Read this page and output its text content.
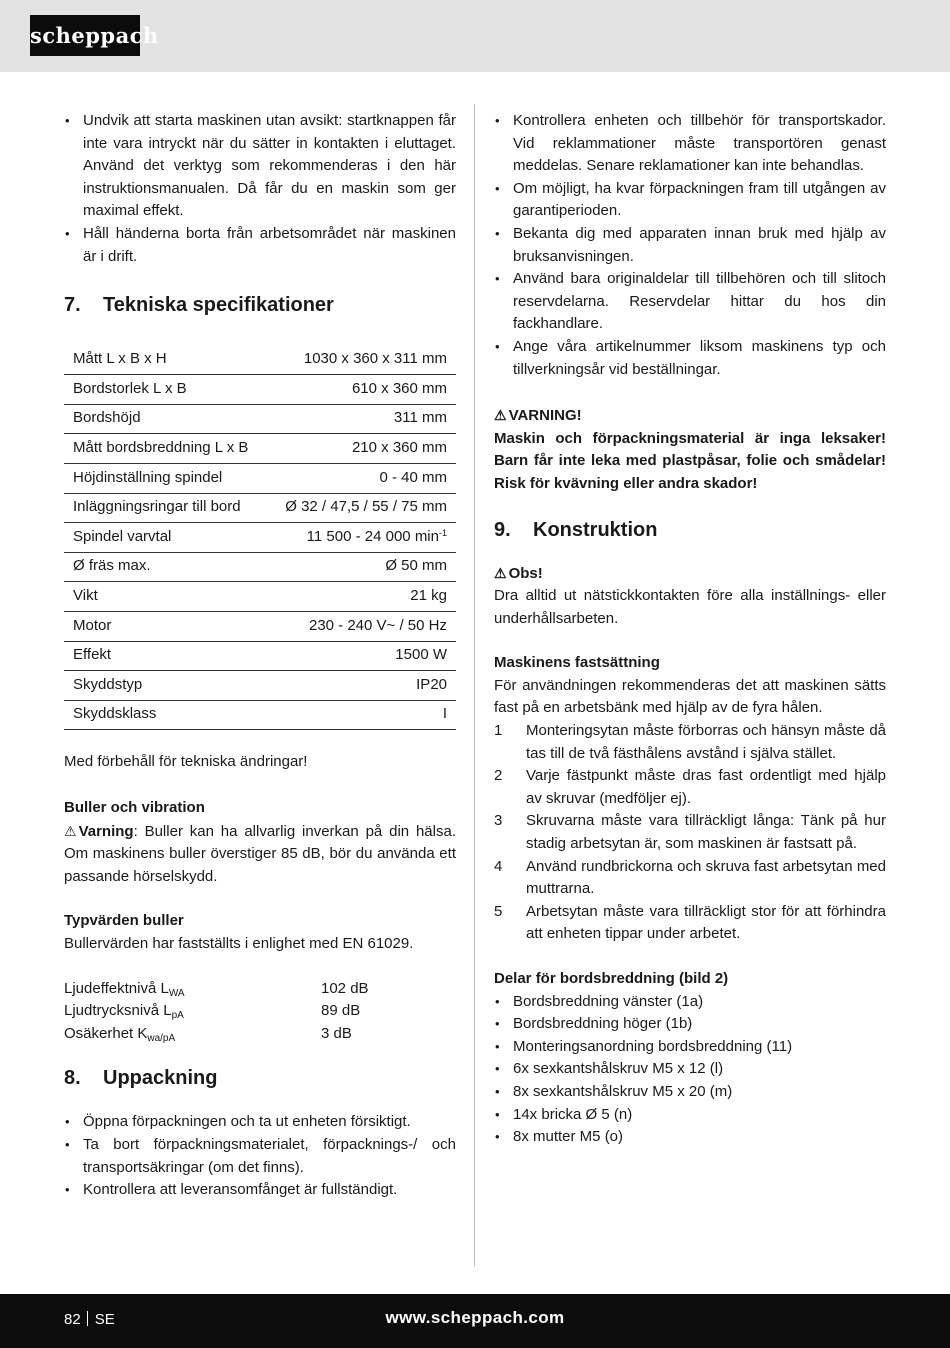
scheppach
• Undvik att starta maskinen utan avsikt: startknappen får inte vara intryckt när du sätter in kontakten i eluttaget. Använd det verktyg som rekommenderas i den här instruktionsmanualen. Då får du en maskin som ger maximal effekt.
• Håll händerna borta från arbetsområdet när maskinen är i drift.
7.	Tekniska specifikationer
Mått L x B x H	1030 x 360 x 311 mm
Bordstorlek L x B	610 x 360 mm
Bordshöjd	311 mm
Mått bordsbreddning L x B	210 x 360 mm
Höjdinställning spindel	0 - 40 mm
Inläggningsringar till bord	Ø 32 / 47,5 / 55 / 75 mm
Spindel varvtal	11 500 - 24 000 $\min^{-1}$
Ø fräs max.	Ø 50 mm
Vikt	21 kg
Motor	230 - 240 V~ / 50 Hz
Effekt	1500 W
Skyddstyp	IP20
Skyddsklass	I

Med förbehåll för tekniska ändringar!

Buller och vibration

⚠ Varning: Buller kan ha allvarlig inverkan på din hälsa. Om maskinens buller överstiger 85 dB, bör du använda ett passande hörselskydd.

Typvärden buller

Bullervärden har fastställts i enlighet med EN 61029.

Ljudeffektnivå $L_{WA}$	102 dB
Ljudtrycksnivå $L_{pA}$	89 dB
Osäkerhet $K_{wa/pA}$	3 dB
8.	Uppackning
• Öppna förpackningen och ta ut enheten försiktigt.
• Ta bort förpackningsmaterialet, förpacknings-/ och transportsäkringar (om det finns).
• Kontrollera att leveransomfånget är fullständigt.
• Kontrollera enheten och tillbehör för transportskador. Vid reklammationer måste transportören genast meddelas. Senare reklamationer kan inte behandlas.
• Om möjligt, ha kvar förpackningen fram till utgången av garantiperioden.
• Bekanta dig med apparaten innan bruk med hjälp av bruksanvisningen.
• Använd bara originaldelar till tillbehören och till slitoch reservdelarna. Reservdelar hittar du hos din fackhandlare.
• Ange våra artikelnummer liksom maskinens typ och tillverkningsår vid beställningar.

⚠ VARNING!

Maskin och förpackningsmaterial är inga leksaker! Barn får inte leka med plastpåsar, folie och smådelar! Risk för kvävning eller andra skador!

9.	Konstruktion

⚠ Obs!

Dra alltid ut nätstickkontakten före alla inställnings- eller underhållsarbeten.

Maskinens fastsättning

För användningen rekommenderas det att maskinen sätts fast på en arbetsbänk med hjälp av de fyra hålen.

1 Monteringsytan måste förborras och hänsyn måste då tas till de två fästhålens avstånd i själva stället.
2 Varje fästpunkt måste dras fast ordentligt med hjälp av skruvar (medföljer ej).
3 Skruvarna måste vara tillräckligt långa: Tänk på hur stadig arbetsytan är, som maskinen är fastsatt på.
4 Använd rundbrickorna och skruva fast arbetsytan med muttrarna.
5 Arbetsytan måste vara tillräckligt stor för att förhindra att enheten tippar under arbetet.

Delar för bordsbreddning (bild 2)

• Bordsbreddning vänster (1a)
• Bordsbreddning höger (1b)
• Monteringsanordning bordsbreddning (11)
• 6x sexkantshålskruv M5 x 12 (l)
• 8x sexkantshålskruv M5 x 20 (m)
• 14x bricka Ø 5 (n)
• 8x mutter M5 (o)
82 SE	www.scheppach.com
